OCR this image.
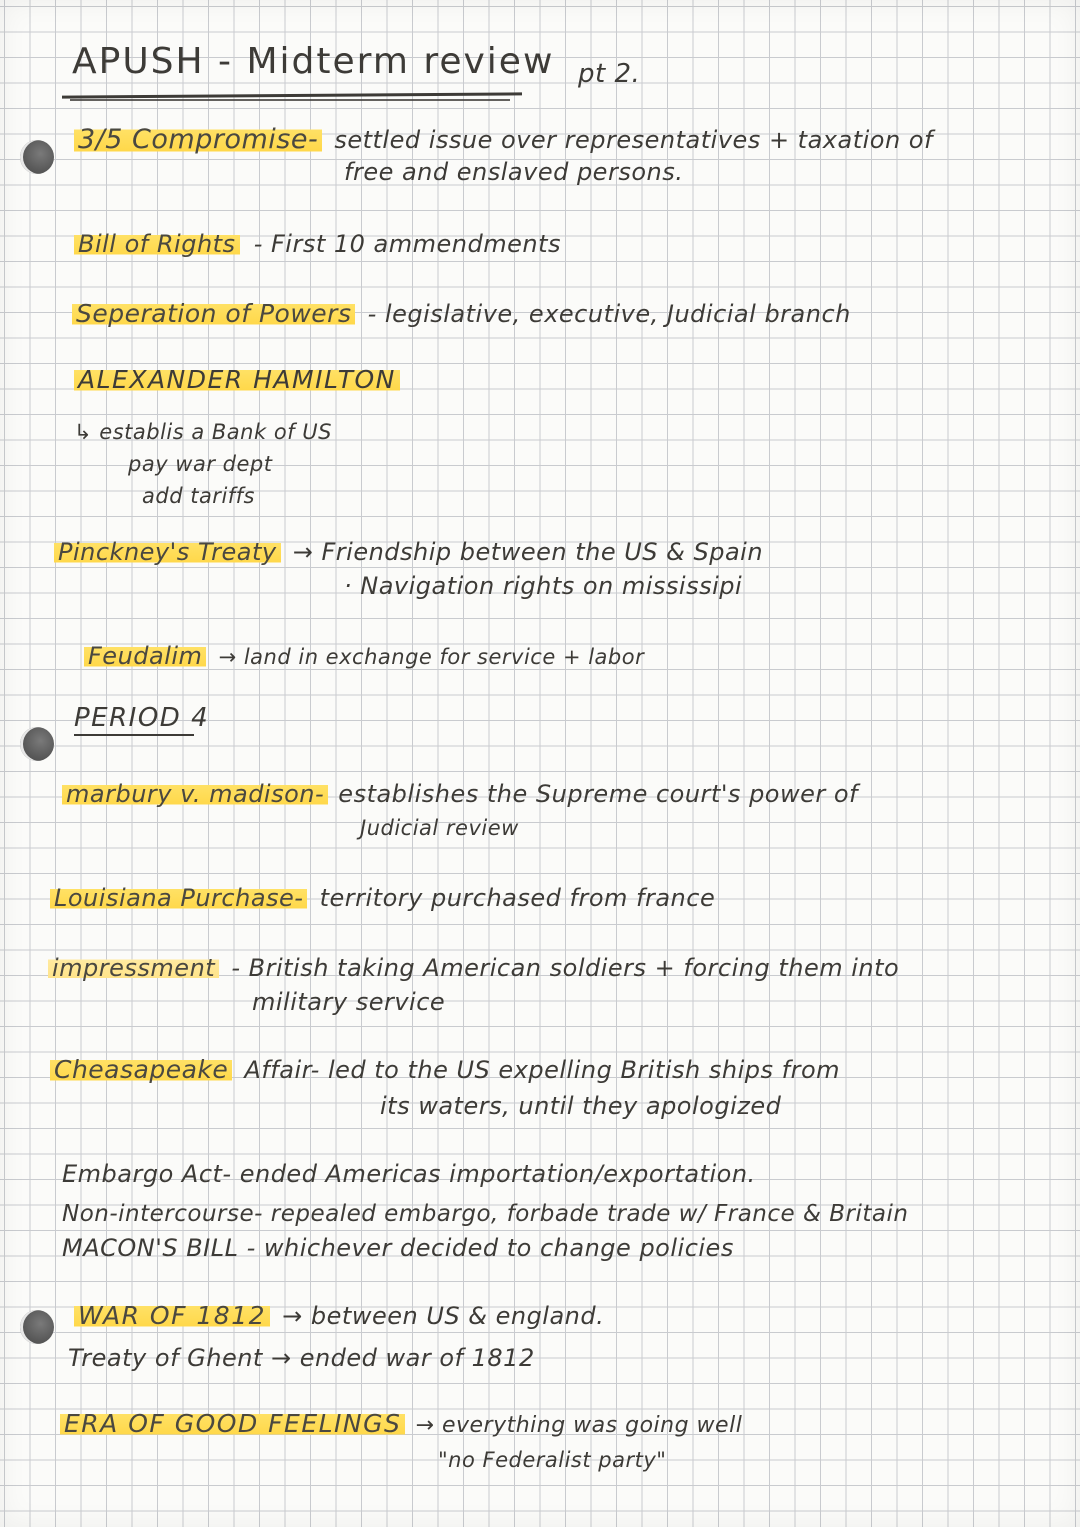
APUSH - Midterm review pt 2.
3/5 Compromise- settled issue over representatives + taxation of
free and enslaved persons.
Bill of Rights - First 10 ammendments
Seperation of Powers - legislative, executive, Judicial branch
ALEXANDER HAMILTON
↳ establis a Bank of US
pay war dept
add tariffs
Pinckney's Treaty → Friendship between the US & Spain
· Navigation rights on mississipi
Feudalim → land in exchange for service + labor
PERIOD 4
marbury v. madison- establishes the Supreme court's power of
Judicial review
Louisiana Purchase- territory purchased from france
impressment - British taking American soldiers + forcing them into
military service
Cheasapeake Affair- led to the US expelling British ships from
its waters, until they apologized
Embargo Act- ended Americas importation/exportation.
Non-intercourse- repealed embargo, forbade trade w/ France & Britain
MACON'S BILL - whichever decided to change policies
WAR OF 1812 → between US & england.
Treaty of Ghent → ended war of 1812
ERA OF GOOD FEELINGS → everything was going well
"no Federalist party"
